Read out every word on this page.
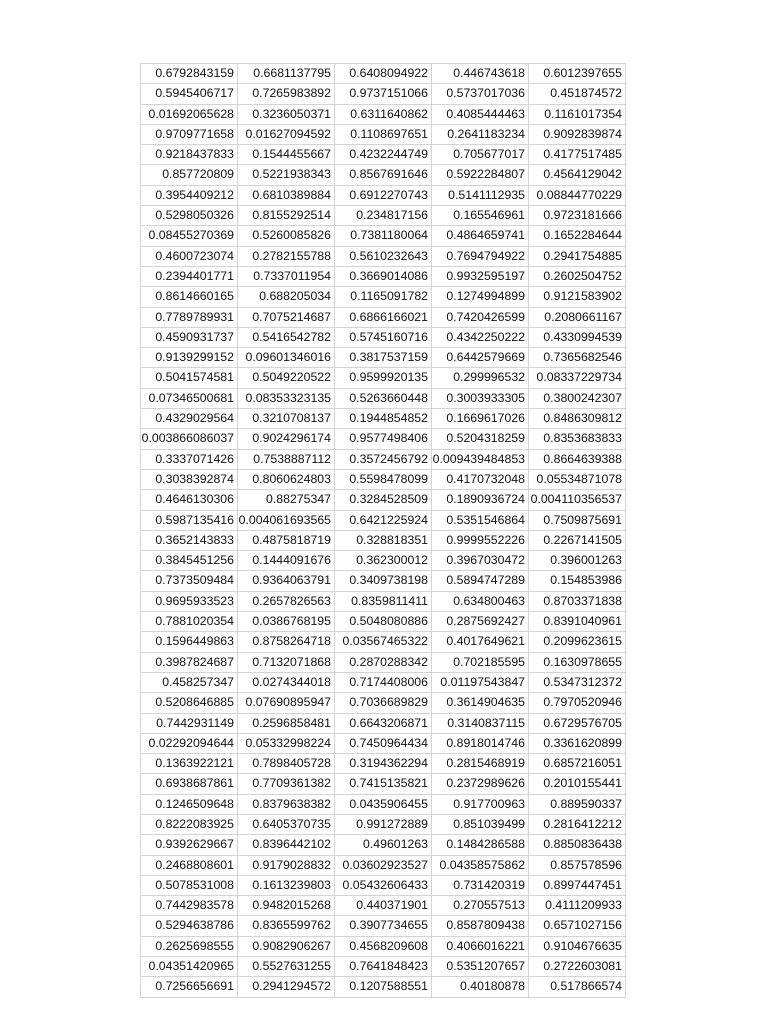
0.6792843159	0.6681137795	0.6408094922	0.446743618	0.6012397655
0.5945406717	0.7265983892	0.9737151066	0.5737017036	0.451874572
0.01692065628	0.3236050371	0.6311640862	0.4085444463	0.1161017354
0.9709771658	0.01627094592	0.1108697651	0.2641183234	0.9092839874
0.9218437833	0.1544455667	0.4232244749	0.705677017	0.4177517485
0.857720809	0.5221938343	0.8567691646	0.5922284807	0.4564129042
0.3954409212	0.6810389884	0.6912270743	0.5141112935	0.08844770229
0.5298050326	0.8155292514	0.234817156	0.165546961	0.9723181666
0.08455270369	0.5260085826	0.7381180064	0.4864659741	0.1652284644
0.4600723074	0.2782155788	0.5610232643	0.7694794922	0.2941754885
0.2394401771	0.7337011954	0.3669014086	0.9932595197	0.2602504752
0.8614660165	0.688205034	0.1165091782	0.1274994899	0.9121583902
0.7789789931	0.7075214687	0.6866166021	0.7420426599	0.2080661167
0.4590931737	0.5416542782	0.5745160716	0.4342250222	0.4330994539
0.9139299152	0.09601346016	0.3817537159	0.6442579669	0.7365682546
0.5041574581	0.5049220522	0.9599920135	0.299996532	0.08337229734
0.07346500681	0.08353323135	0.5263660448	0.3003933305	0.3800242307
0.4329029564	0.3210708137	0.1944854852	0.1669617026	0.8486309812
0.003866086037	0.9024296174	0.9577498406	0.5204318259	0.8353683833
0.3337071426	0.7538887112	0.3572456792	0.009439484853	0.8664639388
0.3038392874	0.8060624803	0.5598478099	0.4170732048	0.05534871078
0.4646130306	0.88275347	0.3284528509	0.1890936724	0.004110356537
0.5987135416	0.004061693565	0.6421225924	0.5351546864	0.7509875691
0.3652143833	0.4875818719	0.328818351	0.9999552226	0.2267141505
0.3845451256	0.1444091676	0.362300012	0.3967030472	0.396001263
0.7373509484	0.9364063791	0.3409738198	0.5894747289	0.154853986
0.9695933523	0.2657826563	0.8359811411	0.634800463	0.8703371838
0.7881020354	0.0386768195	0.5048080886	0.2875692427	0.8391040961
0.1596449863	0.8758264718	0.03567465322	0.4017649621	0.2099623615
0.3987824687	0.7132071868	0.2870288342	0.702185595	0.1630978655
0.458257347	0.0274344018	0.7174408006	0.01197543847	0.5347312372
0.5208646885	0.07690895947	0.7036689829	0.3614904635	0.7970520946
0.7442931149	0.2596858481	0.6643206871	0.3140837115	0.6729576705
0.02292094644	0.05332998224	0.7450964434	0.8918014746	0.3361620899
0.1363922121	0.7898405728	0.3194362294	0.2815468919	0.6857216051
0.6938687861	0.7709361382	0.7415135821	0.2372989626	0.2010155441
0.1246509648	0.8379638382	0.0435906455	0.917700963	0.889590337
0.8222083925	0.6405370735	0.991272889	0.851039499	0.2816412212
0.9392629667	0.8396442102	0.49601263	0.1484286588	0.8850836438
0.2468808601	0.9179028832	0.03602923527	0.04358575862	0.857578596
0.5078531008	0.1613239803	0.05432606433	0.731420319	0.8997447451
0.7442983578	0.9482015268	0.440371901	0.270557513	0.4111209933
0.5294638786	0.8365599762	0.3907734655	0.8587809438	0.6571027156
0.2625698555	0.9082906267	0.4568209608	0.4066016221	0.9104676635
0.04351420965	0.5527631255	0.7641848423	0.5351207657	0.2722603081
0.7256656691	0.2941294572	0.1207588551	0.40180878	0.517866574
